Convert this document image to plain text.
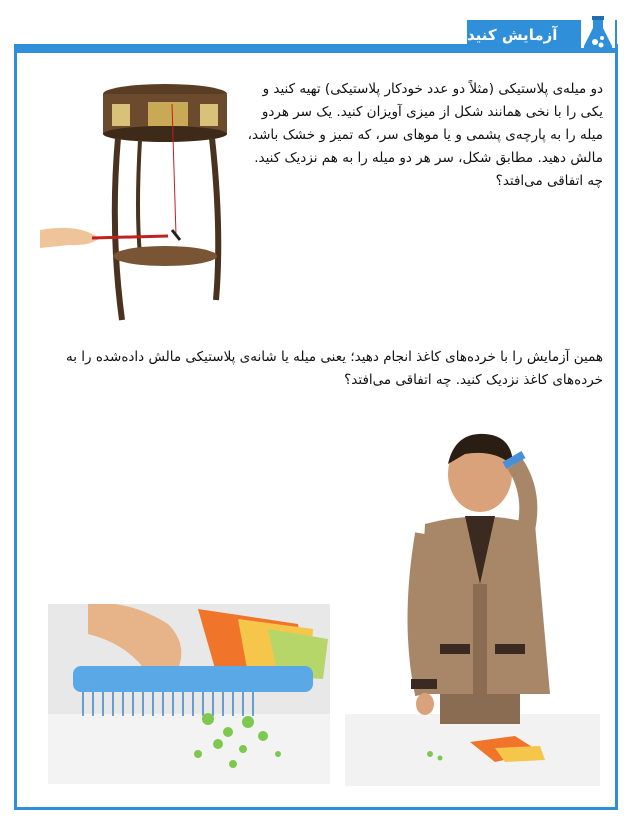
آزمایش کنید
دو میله‌ی پلاستیکی (مثلاً دو عدد خودکار پلاستیکی) تهیه کنید و یکی را با نخی همانند شکل از میزی آویزان کنید. یک سر هردو میله را به پارچه‌ی پشمی و یا موهای سر، که تمیز و خشک باشد، مالش دهید. مطابق شکل، سر هر دو میله را به هم نزدیک کنید. چه اتفاقی می‌افتد؟
همین آزمایش را با خرده‌های کاغذ انجام دهید؛ یعنی میله یا شانه‌ی پلاستیکی مالش داده‌شده را به خرده‌های کاغذ نزدیک کنید. چه اتفاقی می‌افتد؟
